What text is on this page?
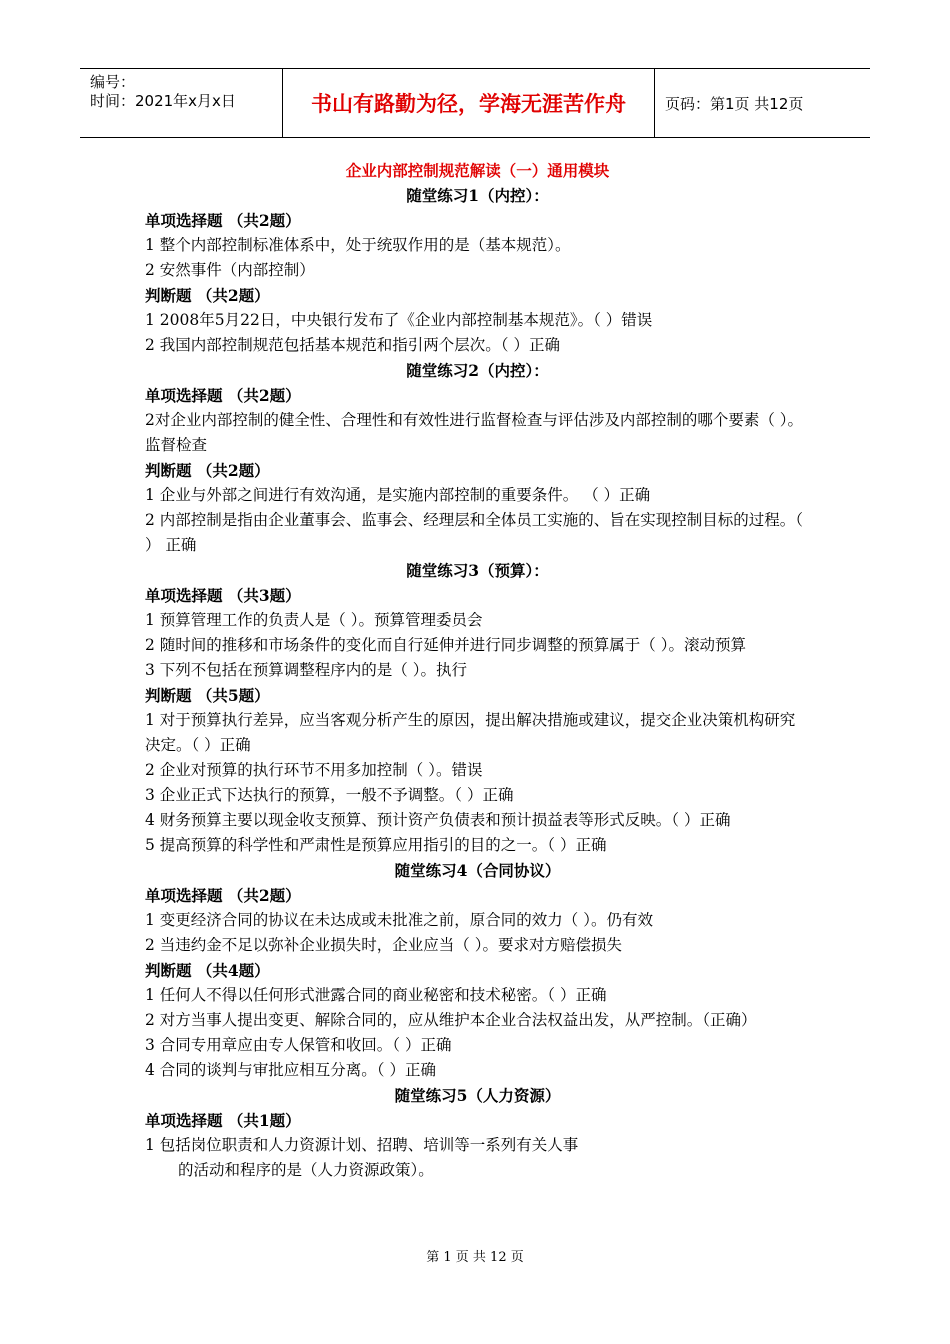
编号：
时间：2021年x月x日	书山有路勤为径，学海无涯苦作舟	页码：第1页 共12页
企业内部控制规范解读（一）通用模块
随堂练习1（内控）：
单项选择题 （共2题）
1 整个内部控制标准体系中，处于统驭作用的是（基本规范）。
2 安然事件（内部控制）
判断题 （共2题）
1 2008年5月22日，中央银行发布了《企业内部控制基本规范》。（ ）错误
2 我国内部控制规范包括基本规范和指引两个层次。（ ）正确
随堂练习2（内控）：
单项选择题 （共2题）
2对企业内部控制的健全性、合理性和有效性进行监督检查与评估涉及内部控制的哪个要素（ ）。监督检查
判断题 （共2题）
1 企业与外部之间进行有效沟通，是实施内部控制的重要条件。 （ ）正确
2 内部控制是指由企业董事会、监事会、经理层和全体员工实施的、旨在实现控制目标的过程。（ ） 正确
随堂练习3（预算）：
单项选择题 （共3题）
1 预算管理工作的负责人是（ ）。预算管理委员会
2 随时间的推移和市场条件的变化而自行延伸并进行同步调整的预算属于（ ）。滚动预算
3 下列不包括在预算调整程序内的是（ ）。执行
判断题 （共5题）
1 对于预算执行差异，应当客观分析产生的原因，提出解决措施或建议，提交企业决策机构研究决定。（ ）正确
2 企业对预算的执行环节不用多加控制（ ）。错误
3 企业正式下达执行的预算，一般不予调整。（ ）正确
4 财务预算主要以现金收支预算、预计资产负债表和预计损益表等形式反映。（ ）正确
5 提高预算的科学性和严肃性是预算应用指引的目的之一。（ ）正确
随堂练习4（合同协议）
单项选择题 （共2题）
1 变更经济合同的协议在未达成或未批准之前，原合同的效力（ ）。仍有效
2 当违约金不足以弥补企业损失时，企业应当（ ）。要求对方赔偿损失
判断题 （共4题）
1 任何人不得以任何形式泄露合同的商业秘密和技术秘密。（ ）正确
2 对方当事人提出变更、解除合同的，应从维护本企业合法权益出发，从严控制。（正确）
3 合同专用章应由专人保管和收回。（ ）正确
4 合同的谈判与审批应相互分离。（ ）正确
随堂练习5（人力资源）
单项选择题 （共1题）
1 包括岗位职责和人力资源计划、招聘、培训等一系列有关人事
的活动和程序的是（人力资源政策）。
第 1 页 共 12 页
